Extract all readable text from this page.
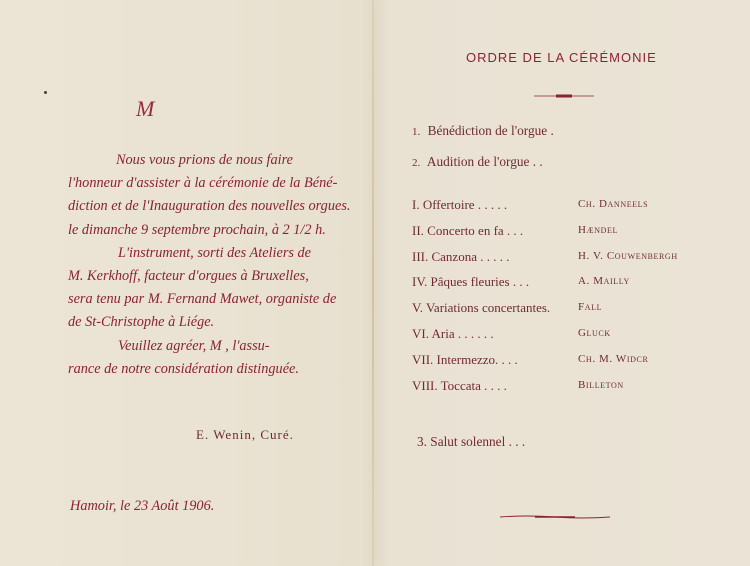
M

Nous vous prions de nous faire

l'honneur d'assister à la cérémonie de la Béné-

diction et de l'Inauguration des nouvelles orgues.

le dimanche 9 septembre prochain, à 2 1/2 h.

L'instrument, sorti des Ateliers de

M. Kerkhoff, facteur d'orgues à Bruxelles,

sera tenu par M. Fernand Mawet, organiste de

de St-Christophe à Liége.

Veuillez agréer, M , l'assu-

rance de notre considération distinguée.

E. Wenin, Curé.
Hamoir, le 23 Août 1906.
ORDRE DE LA CÉRÉMONIE
1. Bénédiction de l'orgue .
2. Audition de l'orgue . .
I. Offertoire . . . . .	Ch. Danneels
II. Concerto en fa . . .	Hændel
III. Canzona . . . . .	H. V. Couwenbergh
IV. Pâques fleuries . . .	A. Mailly
V. Variations concertantes.	Fall
VI. Aria . . . . . .	Gluck
VII. Intermezzo. . . .	Ch. M. Widcr
VIII. Toccata . . . .	Billeton
3. Salut solennel . . .
